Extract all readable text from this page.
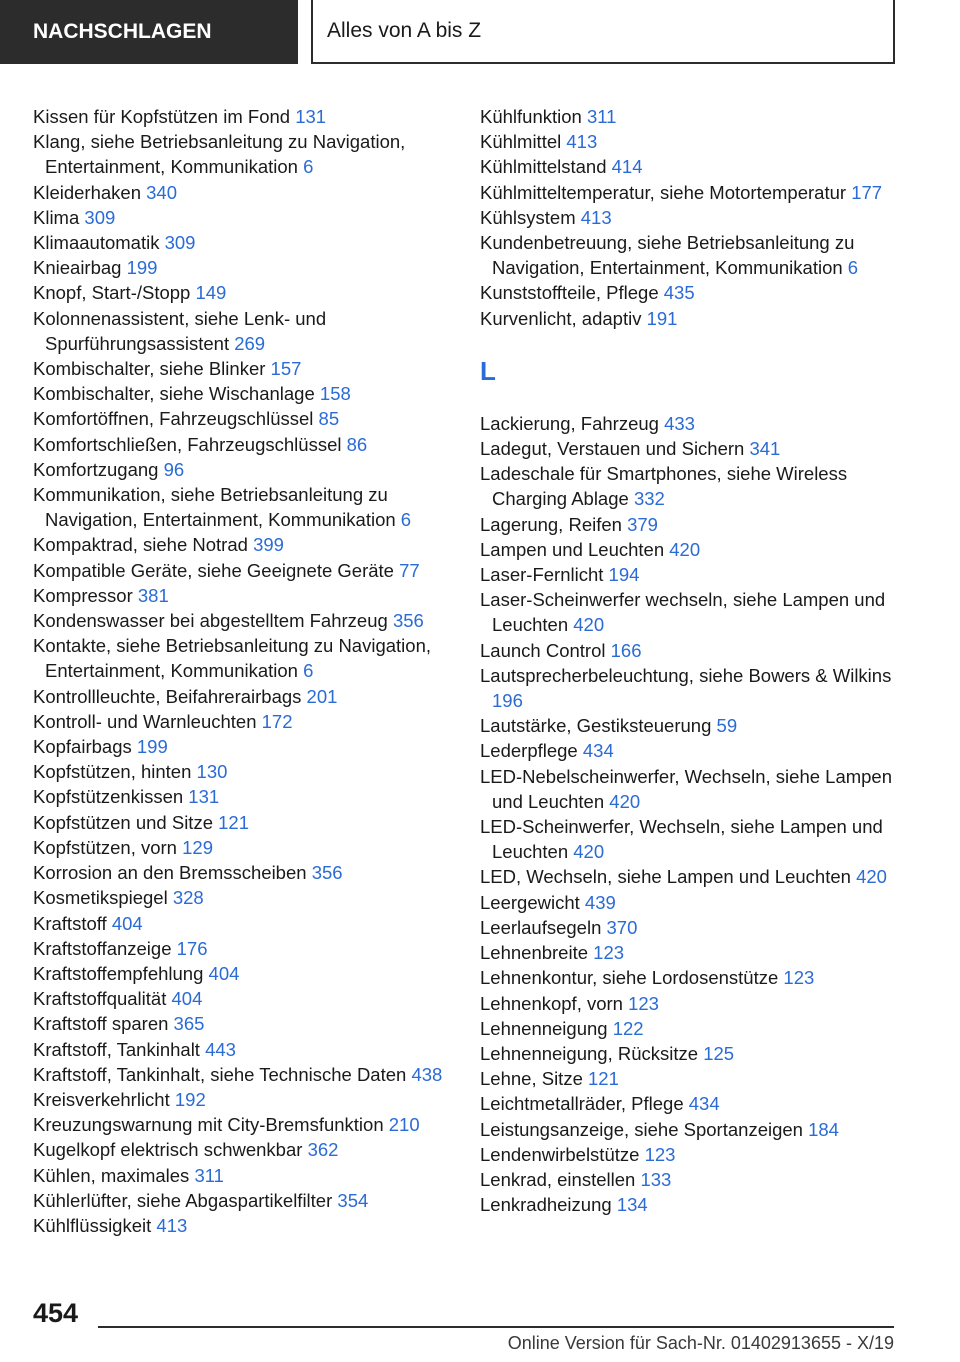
NACHSCHLAGEN	Alles von A bis Z
Kissen für Kopfstützen im Fond 131
Klang, siehe Betriebsanleitung zu Navigation, Entertainment, Kommunikation 6
Kleiderhaken 340
Klima 309
Klimaautomatik 309
Knieairbag 199
Knopf, Start-/Stopp 149
Kolonnenassistent, siehe Lenk- und Spurführungsassistent 269
Kombischalter, siehe Blinker 157
Kombischalter, siehe Wischanlage 158
Komfortöffnen, Fahrzeugschlüssel 85
Komfortschließen, Fahrzeugschlüssel 86
Komfortzugang 96
Kommunikation, siehe Betriebsanleitung zu Navigation, Entertainment, Kommunikation 6
Kompaktrad, siehe Notrad 399
Kompatible Geräte, siehe Geeignete Geräte 77
Kompressor 381
Kondenswasser bei abgestelltem Fahrzeug 356
Kontakte, siehe Betriebsanleitung zu Navigation, Entertainment, Kommunikation 6
Kontrollleuchte, Beifahrerairbags 201
Kontroll- und Warnleuchten 172
Kopfairbags 199
Kopfstützen, hinten 130
Kopfstützenkissen 131
Kopfstützen und Sitze 121
Kopfstützen, vorn 129
Korrosion an den Bremsscheiben 356
Kosmetikspiegel 328
Kraftstoff 404
Kraftstoffanzeige 176
Kraftstoffempfehlung 404
Kraftstoffqualität 404
Kraftstoff sparen 365
Kraftstoff, Tankinhalt 443
Kraftstoff, Tankinhalt, siehe Technische Daten 438
Kreisverkehrlicht 192
Kreuzungswarnung mit City-Bremsfunktion 210
Kugelkopf elektrisch schwenkbar 362
Kühlen, maximales 311
Kühlerlüfter, siehe Abgaspartikelfilter 354
Kühlflüssigkeit 413
Kühlfunktion 311
Kühlmittel 413
Kühlmittelstand 414
Kühlmitteltemperatur, siehe Motortemperatur 177
Kühlsystem 413
Kundenbetreuung, siehe Betriebsanleitung zu Navigation, Entertainment, Kommunikation 6
Kunststoffteile, Pflege 435
Kurvenlicht, adaptiv 191
L
Lackierung, Fahrzeug 433
Ladegut, Verstauen und Sichern 341
Ladeschale für Smartphones, siehe Wireless Charging Ablage 332
Lagerung, Reifen 379
Lampen und Leuchten 420
Laser-Fernlicht 194
Laser-Scheinwerfer wechseln, siehe Lampen und Leuchten 420
Launch Control 166
Lautsprecherbeleuchtung, siehe Bowers & Wilkins 196
Lautstärke, Gestiksteuerung 59
Lederpflege 434
LED-Nebelscheinwerfer, Wechseln, siehe Lampen und Leuchten 420
LED-Scheinwerfer, Wechseln, siehe Lampen und Leuchten 420
LED, Wechseln, siehe Lampen und Leuchten 420
Leergewicht 439
Leerlaufsegeln 370
Lehnenbreite 123
Lehnenkontur, siehe Lordosenstütze 123
Lehnenkopf, vorn 123
Lehnenneigung 122
Lehnenneigung, Rücksitze 125
Lehne, Sitze 121
Leichtmetallräder, Pflege 434
Leistungsanzeige, siehe Sportanzeigen 184
Lendenwirbelstütze 123
Lenkrad, einstellen 133
Lenkradheizung 134
454
Online Version für Sach-Nr. 01402913655 - X/19
